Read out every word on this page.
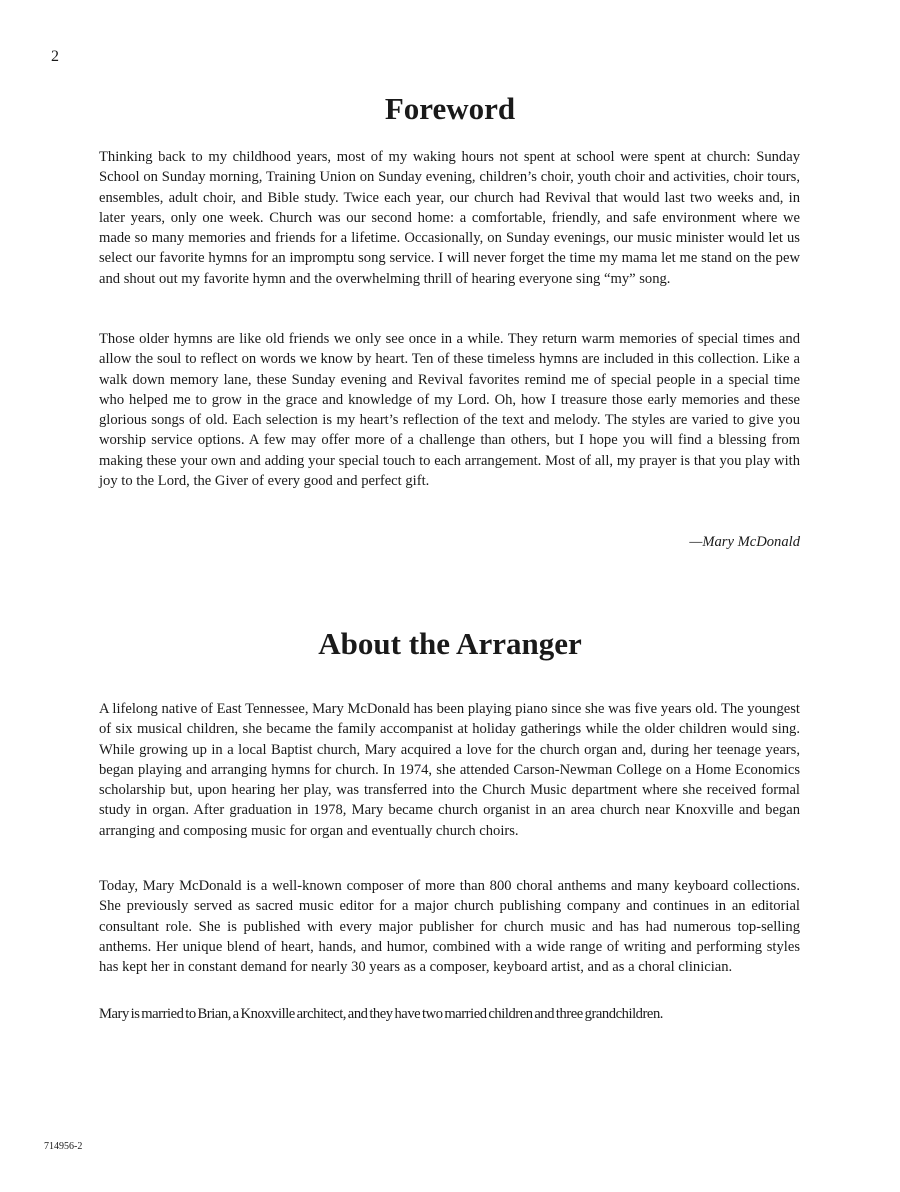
2
Foreword

Thinking back to my childhood years, most of my waking hours not spent at school were spent at church: Sunday School on Sunday morning, Training Union on Sunday evening, children’s choir, youth choir and activities, choir tours, ensembles, adult choir, and Bible study. Twice each year, our church had Revival that would last two weeks and, in later years, only one week. Church was our second home: a comfortable, friendly, and safe environment where we made so many memories and friends for a lifetime. Occasionally, on Sunday evenings, our music minister would let us select our favorite hymns for an impromptu song service. I will never forget the time my mama let me stand on the pew and shout out my favorite hymn and the overwhelming thrill of hearing everyone sing “my” song.

Those older hymns are like old friends we only see once in a while. They return warm memories of special times and allow the soul to reflect on words we know by heart. Ten of these timeless hymns are included in this collection. Like a walk down memory lane, these Sunday evening and Revival favorites remind me of special people in a special time who helped me to grow in the grace and knowledge of my Lord. Oh, how I treasure those early memories and these glorious songs of old. Each selection is my heart’s reflection of the text and melody. The styles are varied to give you worship service options. A few may offer more of a challenge than others, but I hope you will find a blessing from making these your own and adding your special touch to each arrangement. Most of all, my prayer is that you play with joy to the Lord, the Giver of every good and perfect gift.

—Mary McDonald

About the Arranger

A lifelong native of East Tennessee, Mary McDonald has been playing piano since she was five years old. The youngest of six musical children, she became the family accompanist at holiday gatherings while the older children would sing. While growing up in a local Baptist church, Mary acquired a love for the church organ and, during her teenage years, began playing and arranging hymns for church. In 1974, she attended Carson-Newman College on a Home Economics scholarship but, upon hearing her play, was transferred into the Church Music department where she received formal study in organ. After graduation in 1978, Mary became church organist in an area church near Knoxville and began arranging and composing music for organ and eventually church choirs.

Today, Mary McDonald is a well-known composer of more than 800 choral anthems and many keyboard collections. She previously served as sacred music editor for a major church publishing company and continues in an editorial consultant role. She is published with every major publisher for church music and has had numerous top-selling anthems. Her unique blend of heart, hands, and humor, combined with a wide range of writing and performing styles has kept her in constant demand for nearly 30 years as a composer, keyboard artist, and as a choral clinician.

Mary is married to Brian, a Knoxville architect, and they have two married children and three grandchildren.

714956-2
